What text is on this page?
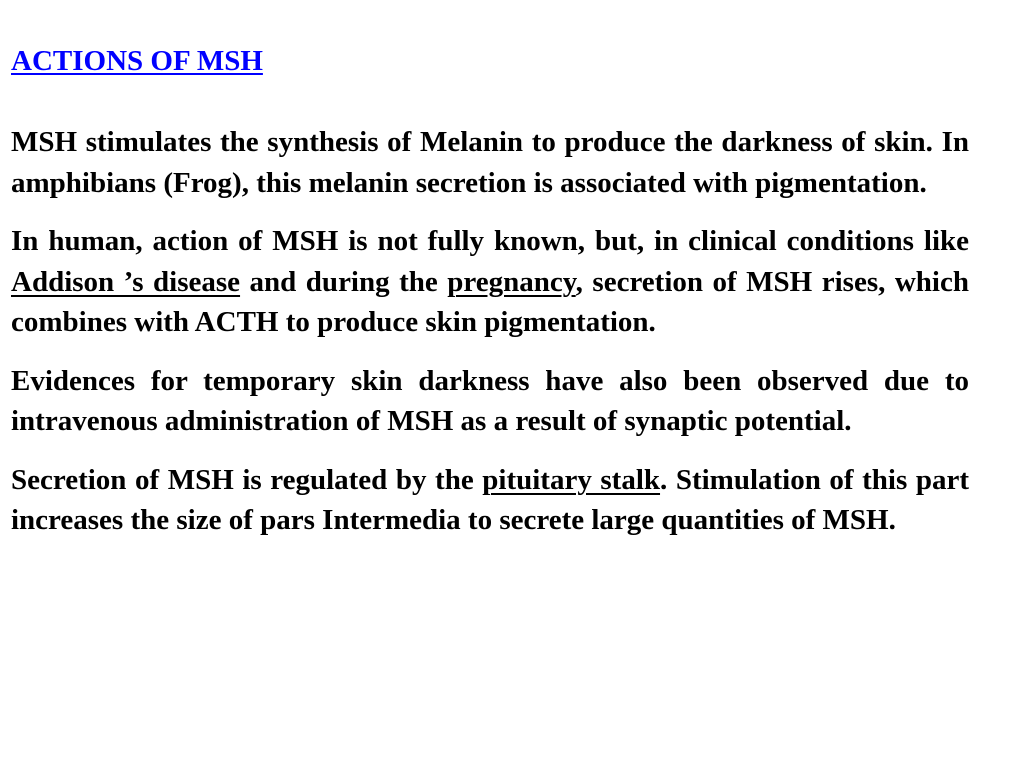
ACTIONS OF MSH

MSH stimulates the synthesis of Melanin to produce the darkness of skin. In amphibians (Frog), this melanin secretion is associated with pigmentation.

In human, action of MSH is not fully known, but, in clinical conditions like Addison ’s disease and during the pregnancy, secretion of MSH rises, which combines with ACTH to produce skin pigmentation.

Evidences for temporary skin darkness have also been observed due to intravenous administration of MSH as a result of synaptic potential.

Secretion of MSH is regulated by the pituitary stalk. Stimulation of this part increases the size of pars Intermedia to secrete large quantities of MSH.
